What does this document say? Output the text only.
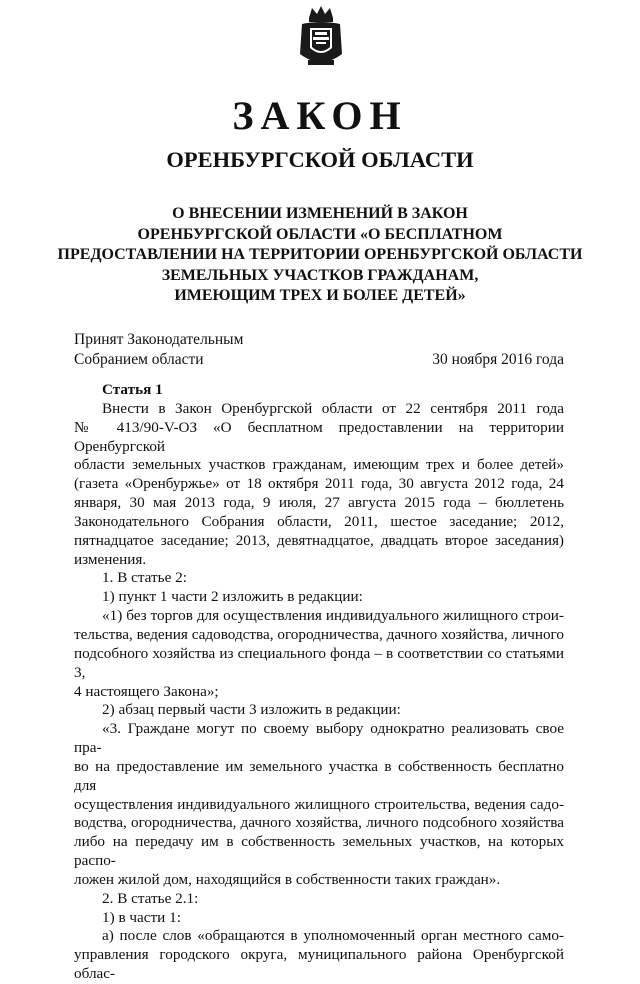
ЗАКОН
ОРЕНБУРГСКОЙ ОБЛАСТИ
О ВНЕСЕНИИ ИЗМЕНЕНИЙ В ЗАКОН
ОРЕНБУРГСКОЙ ОБЛАСТИ «О БЕСПЛАТНОМ
ПРЕДОСТАВЛЕНИИ НА ТЕРРИТОРИИ ОРЕНБУРГСКОЙ ОБЛАСТИ
ЗЕМЕЛЬНЫХ УЧАСТКОВ ГРАЖДАНАМ,
ИМЕЮЩИМ ТРЕХ И БОЛЕЕ ДЕТЕЙ»
Принят Законодательным
Собранием области	30 ноября 2016 года

Статья 1

Внести в Закон Оренбургской области от 22 сентября 2011 года
№ 413/90-V-ОЗ «О бесплатном предоставлении на территории Оренбургской
области земельных участков гражданам, имеющим трех и более детей»
(газета «Оренбуржье» от 18 октября 2011 года, 30 августа 2012 года, 24
января, 30 мая 2013 года, 9 июля, 27 августа 2015 года – бюллетень
Законодательного Собрания области, 2011, шестое заседание; 2012,
пятнадцатое заседание; 2013, девятнадцатое, двадцать второе заседания)
изменения.

1. В статье 2:

1) пункт 1 части 2 изложить в редакции:

«1) без торгов для осуществления индивидуального жилищного строи-
тельства, ведения садоводства, огородничества, дачного хозяйства, личного
подсобного хозяйства из специального фонда – в соответствии со статьями 3,
4 настоящего Закона»;

2) абзац первый части 3 изложить в редакции:

«3. Граждане могут по своему выбору однократно реализовать свое пра-
во на предоставление им земельного участка в собственность бесплатно для
осуществления индивидуального жилищного строительства, ведения садо-
водства, огородничества, дачного хозяйства, личного подсобного хозяйства
либо на передачу им в собственность земельных участков, на которых распо-
ложен жилой дом, находящийся в собственности таких граждан».

2. В статье 2.1:

1) в части 1:

а) после слов «обращаются в уполномоченный орган местного само-
управления городского округа, муниципального района Оренбургской облас-
